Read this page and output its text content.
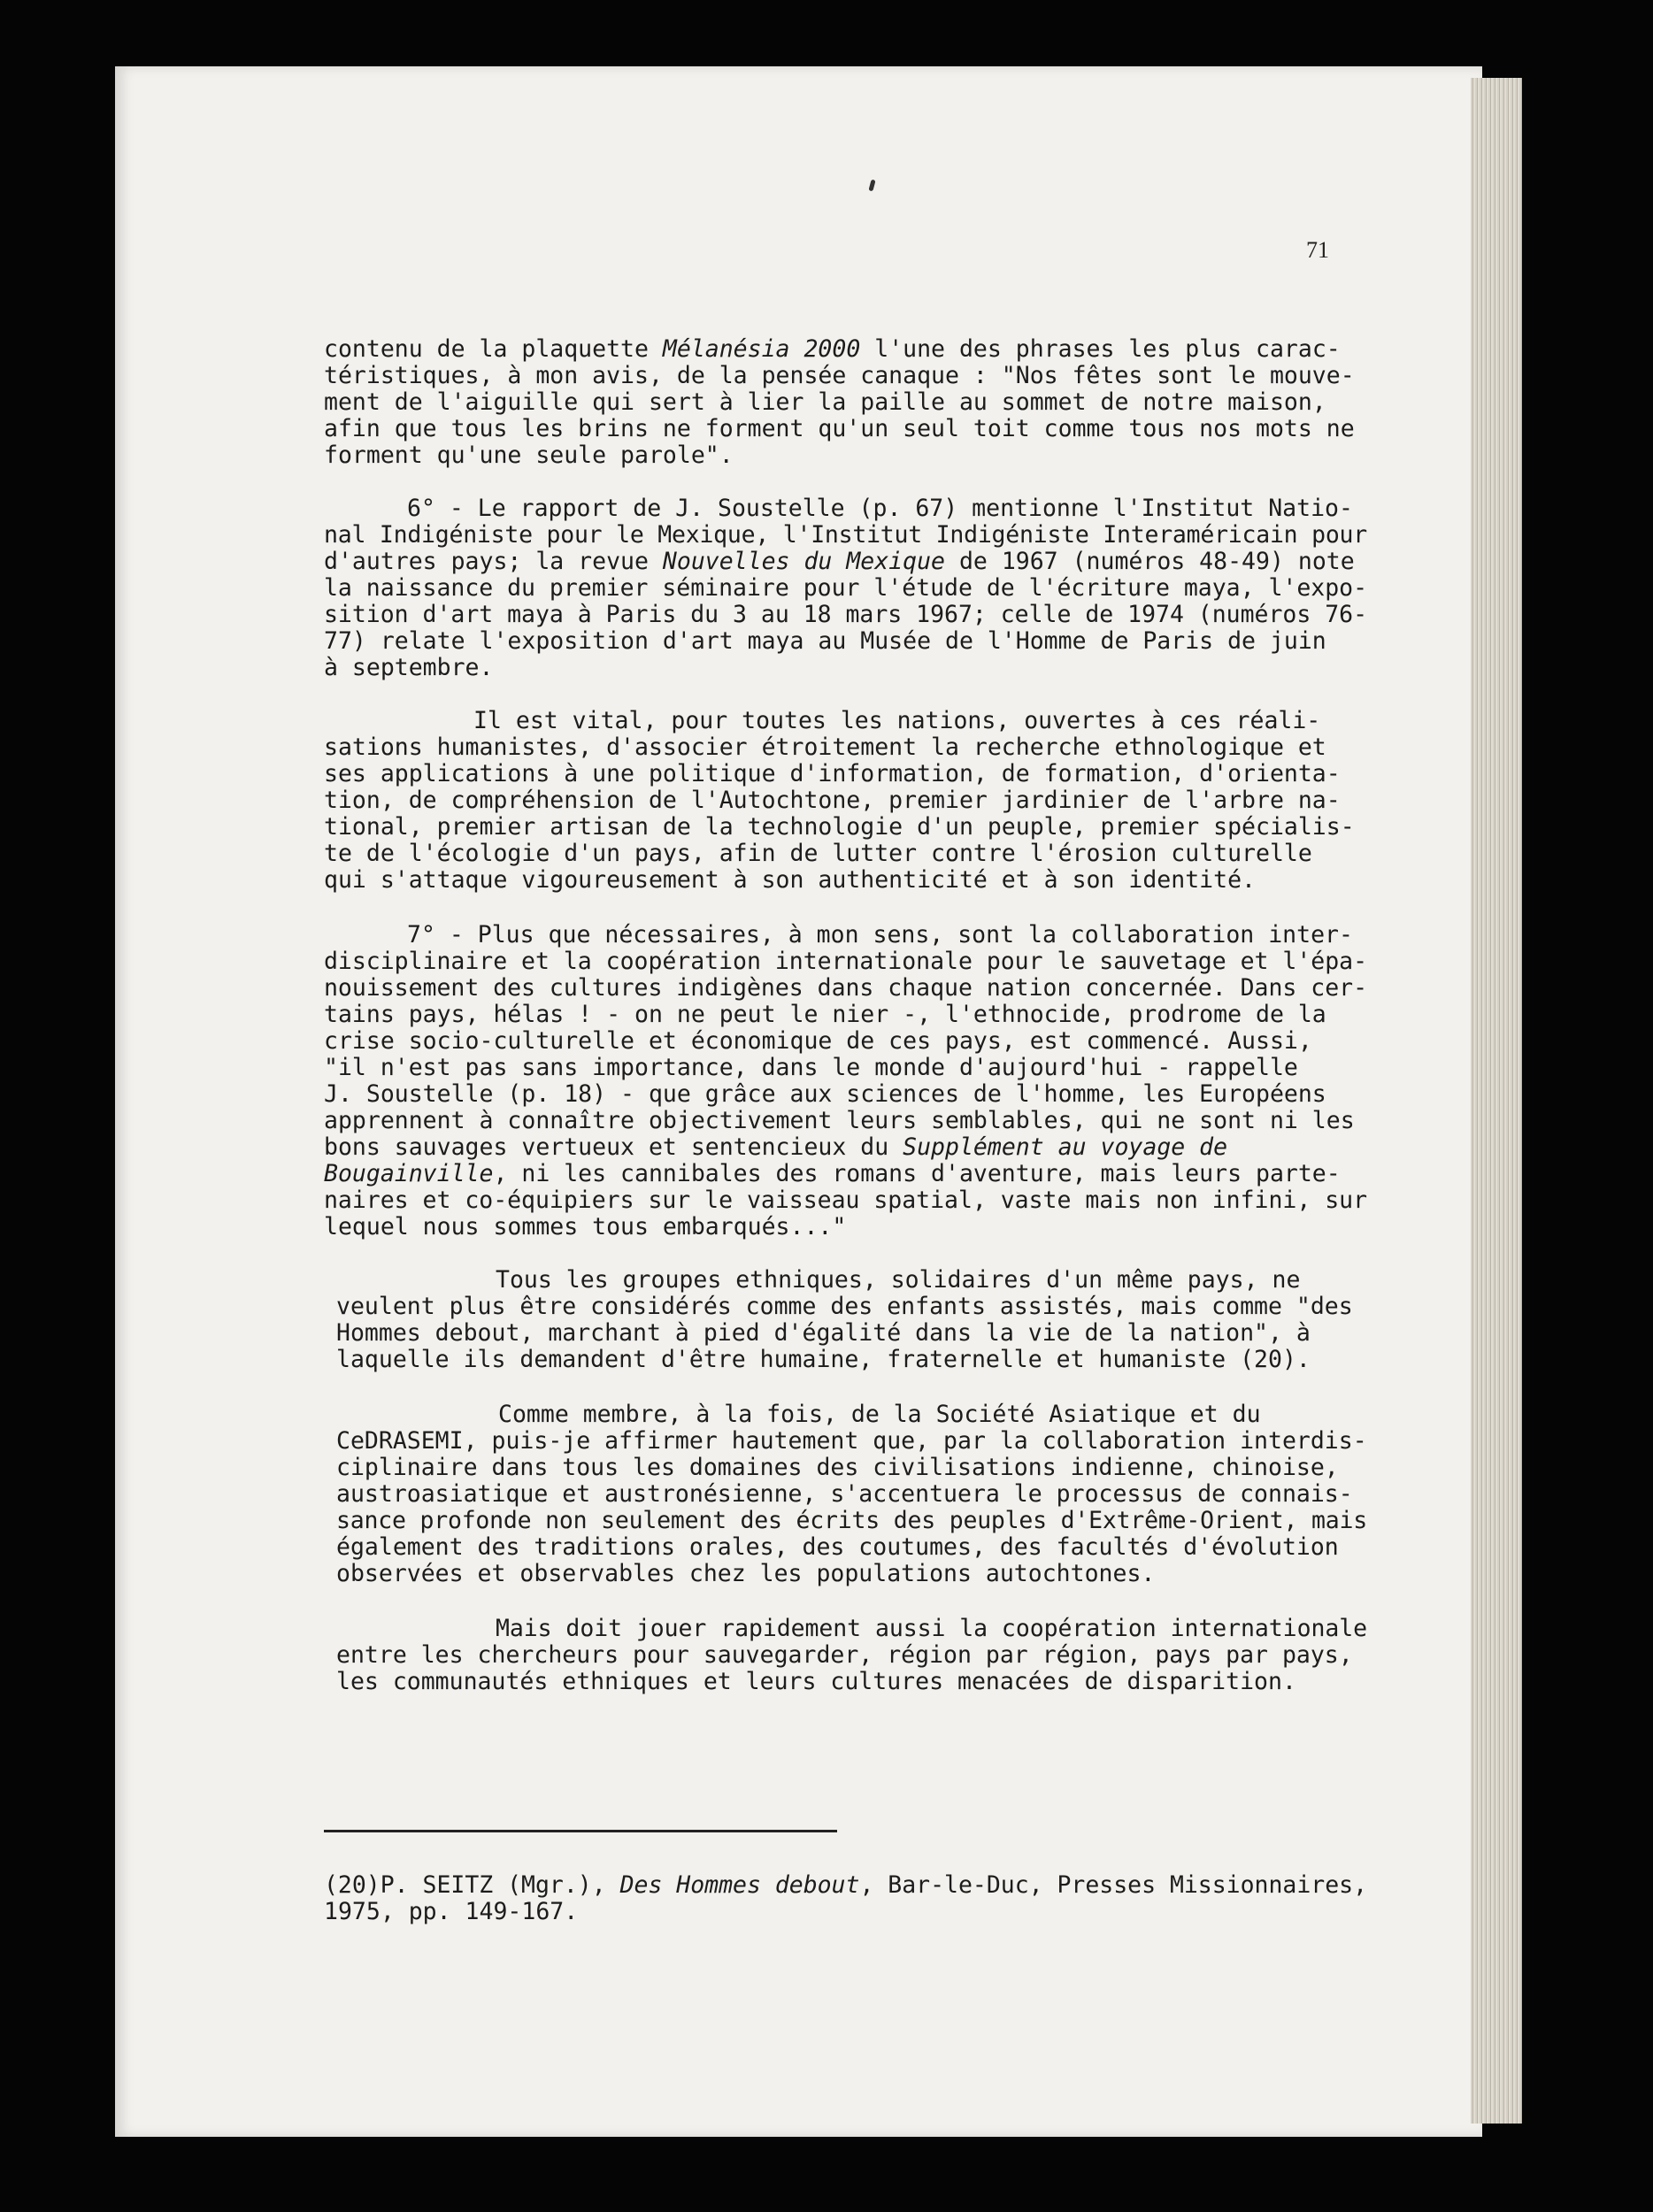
71
contenu de la plaquette Mélanésia 2000 l'une des phrases les plus carac-
téristiques, à mon avis, de la pensée canaque : "Nos fêtes sont le mouve-
ment de l'aiguille qui sert à lier la paille au sommet de notre maison,
afin que tous les brins ne forment qu'un seul toit comme tous nos mots ne
forment qu'une seule parole".
6° - Le rapport de J. Soustelle (p. 67) mentionne l'Institut Natio-
nal Indigéniste pour le Mexique, l'Institut Indigéniste Interaméricain pour
d'autres pays; la revue Nouvelles du Mexique de 1967 (numéros 48-49) note
la naissance du premier séminaire pour l'étude de l'écriture maya, l'expo-
sition d'art maya à Paris du 3 au 18 mars 1967; celle de 1974 (numéros 76-
77) relate l'exposition d'art maya au Musée de l'Homme de Paris de juin
à septembre.
Il est vital, pour toutes les nations, ouvertes à ces réali-
sations humanistes, d'associer étroitement la recherche ethnologique et
ses applications à une politique d'information, de formation, d'orienta-
tion, de compréhension de l'Autochtone, premier jardinier de l'arbre na-
tional, premier artisan de la technologie d'un peuple, premier spécialis-
te de l'écologie d'un pays, afin de lutter contre l'érosion culturelle
qui s'attaque vigoureusement à son authenticité et à son identité.
7° - Plus que nécessaires, à mon sens, sont la collaboration inter-
disciplinaire et la coopération internationale pour le sauvetage et l'épa-
nouissement des cultures indigènes dans chaque nation concernée. Dans cer-
tains pays, hélas ! - on ne peut le nier -, l'ethnocide, prodrome de la
crise socio-culturelle et économique de ces pays, est commencé. Aussi,
"il n'est pas sans importance, dans le monde d'aujourd'hui - rappelle
J. Soustelle (p. 18) - que grâce aux sciences de l'homme, les Européens
apprennent à connaître objectivement leurs semblables, qui ne sont ni les
bons sauvages vertueux et sentencieux du Supplément au voyage de
Bougainville, ni les cannibales des romans d'aventure, mais leurs parte-
naires et co-équipiers sur le vaisseau spatial, vaste mais non infini, sur
lequel nous sommes tous embarqués..."
Tous les groupes ethniques, solidaires d'un même pays, ne
veulent plus être considérés comme des enfants assistés, mais comme "des
Hommes debout, marchant à pied d'égalité dans la vie de la nation", à
laquelle ils demandent d'être humaine, fraternelle et humaniste (20).
Comme membre, à la fois, de la Société Asiatique et du
CeDRASEMI, puis-je affirmer hautement que, par la collaboration interdis-
ciplinaire dans tous les domaines des civilisations indienne, chinoise,
austroasiatique et austronésienne, s'accentuera le processus de connais-
sance profonde non seulement des écrits des peuples d'Extrême-Orient, mais
également des traditions orales, des coutumes, des facultés d'évolution
observées et observables chez les populations autochtones.
Mais doit jouer rapidement aussi la coopération internationale
entre les chercheurs pour sauvegarder, région par région, pays par pays,
les communautés ethniques et leurs cultures menacées de disparition.
(20)P. SEITZ (Mgr.), Des Hommes debout, Bar-le-Duc, Presses Missionnaires,
1975, pp. 149-167.
